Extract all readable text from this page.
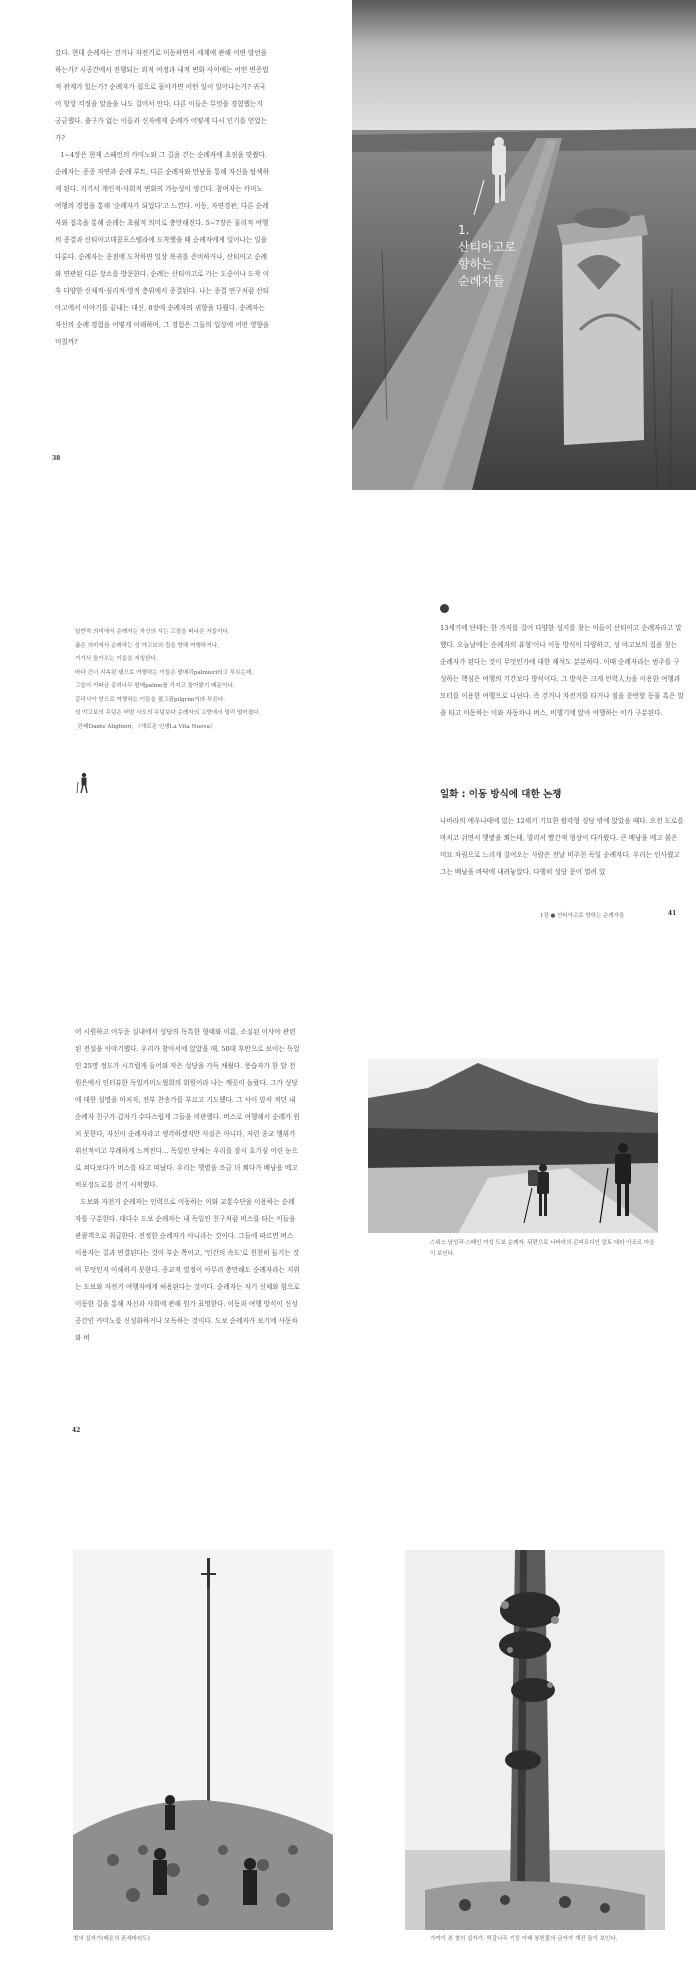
갔다. 현대 순례자는 걷거나 자전거로 이동하면서 세계에 관해 어떤 발언을 하는가? 시공간에서 진행되는 외적 여정과 내적 변화 사이에는 어떤 변증법적 관계가 있는가? 순례자가 집으로 돌아가면 어떤 일이 일어나는가? 귀국이 항상 걱정을 알음을 나도 걸어서 안다. 다른 이들은 무엇을 경험했는지 궁금했다. 출구가 없는 이들과 신자에게 순례가 어떻게 다시 인기를 얻었는가?

1~4장은 현재 스페인의 카미노와 그 길을 걷는 순례자에 초점을 맞췄다. 순례자는 종종 자연과 순례 루트, 다른 순례자와 만남을 통해 자신을 탐색하게 된다. 거기서 개인적·사회적 변화의 가능성이 생긴다. 참여자는 카미노 여행의 경험을 통해 '순례자가 되었다'고 느낀다. 이동, 자연경관, 다른 순례자와 접촉을 통해 순례는 초월적 의미로 충만해진다. 5~7장은 물리적 여행의 종결과 산티아고데콤포스텔라에 도착했을 때 순례자에게 일어나는 일을 다룬다. 순례자는 종점에 도착하면 일상 복귀를 준비하거나, 산티아고 순례와 연관된 다른 장소를 방문한다. 순례는 산티아고로 가는 도중이나 도착 이후 다양한 신체적·심리적·영적 층위에서 종결된다. 나는 종결 연구처럼 산티아고에서 이야기를 끝내는 대신, 8장에 순례자의 귀향을 다뤘다. 순례자는 자신의 순례 경험을 어떻게 이해하며, 그 경험은 그들의 일상에 어떤 영향을 미칠까?

38
1.
산티아고로
향하는
순례자들
일반적 의미에서 순례자는 자신의 사는 고장을 떠나온 자들이다.
좁은 의미에서 순례자는 성 야고보의 집을 향해 여행하거나,
거기서 돌아오는 이들을 지칭한다.
바다 건너 지속된 탱으로 여행하는 이들은 팔메리palmieri라고 부르는데,
그들이 이따금 종려나무 팔메palme를 가지고 돌아왔기 때문이다.
갈리시아 땅으로 여행하는 이들을 필그림pilgrim이라 부른다.
성 야고보의 무덤은 어떤 사도의 무덤보다 순례자의 고향에서 멀리 떨어졌다.
_단테Dante Alighieri, 《새로운 인생La Vita Nuova》

13세기에 단테는 한 가지를 걸어 다양한 성지를 찾는 이들이 산티아고 순례자라고 말했다. 오늘날에는 순례자의 유형'이나 이동 방식이 다양하고, 성 야고보의 집을 찾는 순례자가 된다는 것이 무엇인가에 대한 해석도 분분하다. 이때 순례자라는 범주를 구성하는 핵심은 여행의 기간보다 방식이다. 그 방식은 크게 인력人力을 이용한 여행과 모터를 이용한 여행으로 나뉜다. 즉 걷거나 자전거를 타거나 짐을 운반할 동물 혹은 말을 타고 이동하는 이와 자동차나 버스, 비행기에 앉아 여행하는 이가 구분된다.

일화 : 이동 방식에 대한 논쟁

나바라의 에우나테에 있는 12세기 기묘한 팔각형 성당 밖에 앉았을 때다. 오전 도로를 마치고 쉬면서 햇볕을 쬐는데, 멀리서 빨간색 형상이 다가왔다. 큰 배낭을 메고 붉은 미묘 차림으로 느리게 걸어오는 사람은 전날 비주천 독일 순례자다. 우리는 인사했고 그는 배낭을 바닥에 내려놓았다. 다행히 성당 문이 열려 있

1장 ● 산티아고로 향하는 순례자들	41

어 시원하고 어두운 실내에서 성당의 독특한 형태와 이름, 소실된 이사야 관련된 전설을 이야기했다. 우리가 참아서에 앉았을 때, 50대 후반으로 보이는 독일인 25명 정도가 시끄럽게 들어와 작은 성당을 가득 채웠다. 풍습자가 한 달 전 원은에서 인터뷰한 독일카미노협회의 회원이라 나는 깨끗이 놀랐다. 그가 성당에 대한 설명을 마치자, 전부 찬송가를 부르고 기도했다. 그 사이 앞서 적던 내 순례자 친구가 갑자기 수다스럽게 그들을 비판했다. 버스로 여행해서 순례가 원치 못한다, 자신이 순례자라고 생각하겠지만 사실은 아니다, 저런 종교 행위가 위선적이고 무례하게 느껴진다… 독일인 단체는 우리를 잠시 호기심 어린 눈으로 쳐다보다가 버스를 타고 떠났다. 우리는 햇볕을 조금 더 쬐다가 배낭을 메고 비포장도로를 걷기 시작했다.

도보와 자전거 순례자는 인력으로 이동하는 이와 교통수단을 이용하는 순례자를 구분한다. 대다수 도보 순례자는 내 독일인 친구처럼 버스를 타는 이들을 관광객으로 취급한다. 진정한 순례자가 아니라는 것이다. 그들에 따르면 버스 이용자는 길과 연결된다는 것이 부순 쪽이고, '인간의 속도'로 천천히 들기는 것이 무엇인지 이해하지 못한다. 종교적 열정이 아무리 충만해도 순례자라는 지위는 도보와 자전거 여행자에게 허용된다는 것이다. 순례자는 자기 신체와 힘으로 이동한 길을 통해 자신과 사회에 관해 뭔가 표명한다. 이동과 여행 방식이 신성 공간인 카미노를 신성화하거나 모독하는 것이다. 도보 순례자가 보기에 사동차와 버

42
스위스 남성과 스페인 여성 도보 순례자. 뒤편으로 나바라의 콘피르디인 알토 데라 아조르 마을이 보인다.
철의 십자가(레온의 폰세바라도)	가까이 본 철의 십자가. 떡갈나무 기둥 아래 봉헌물의 금자가 개진 돌이 보인다.
